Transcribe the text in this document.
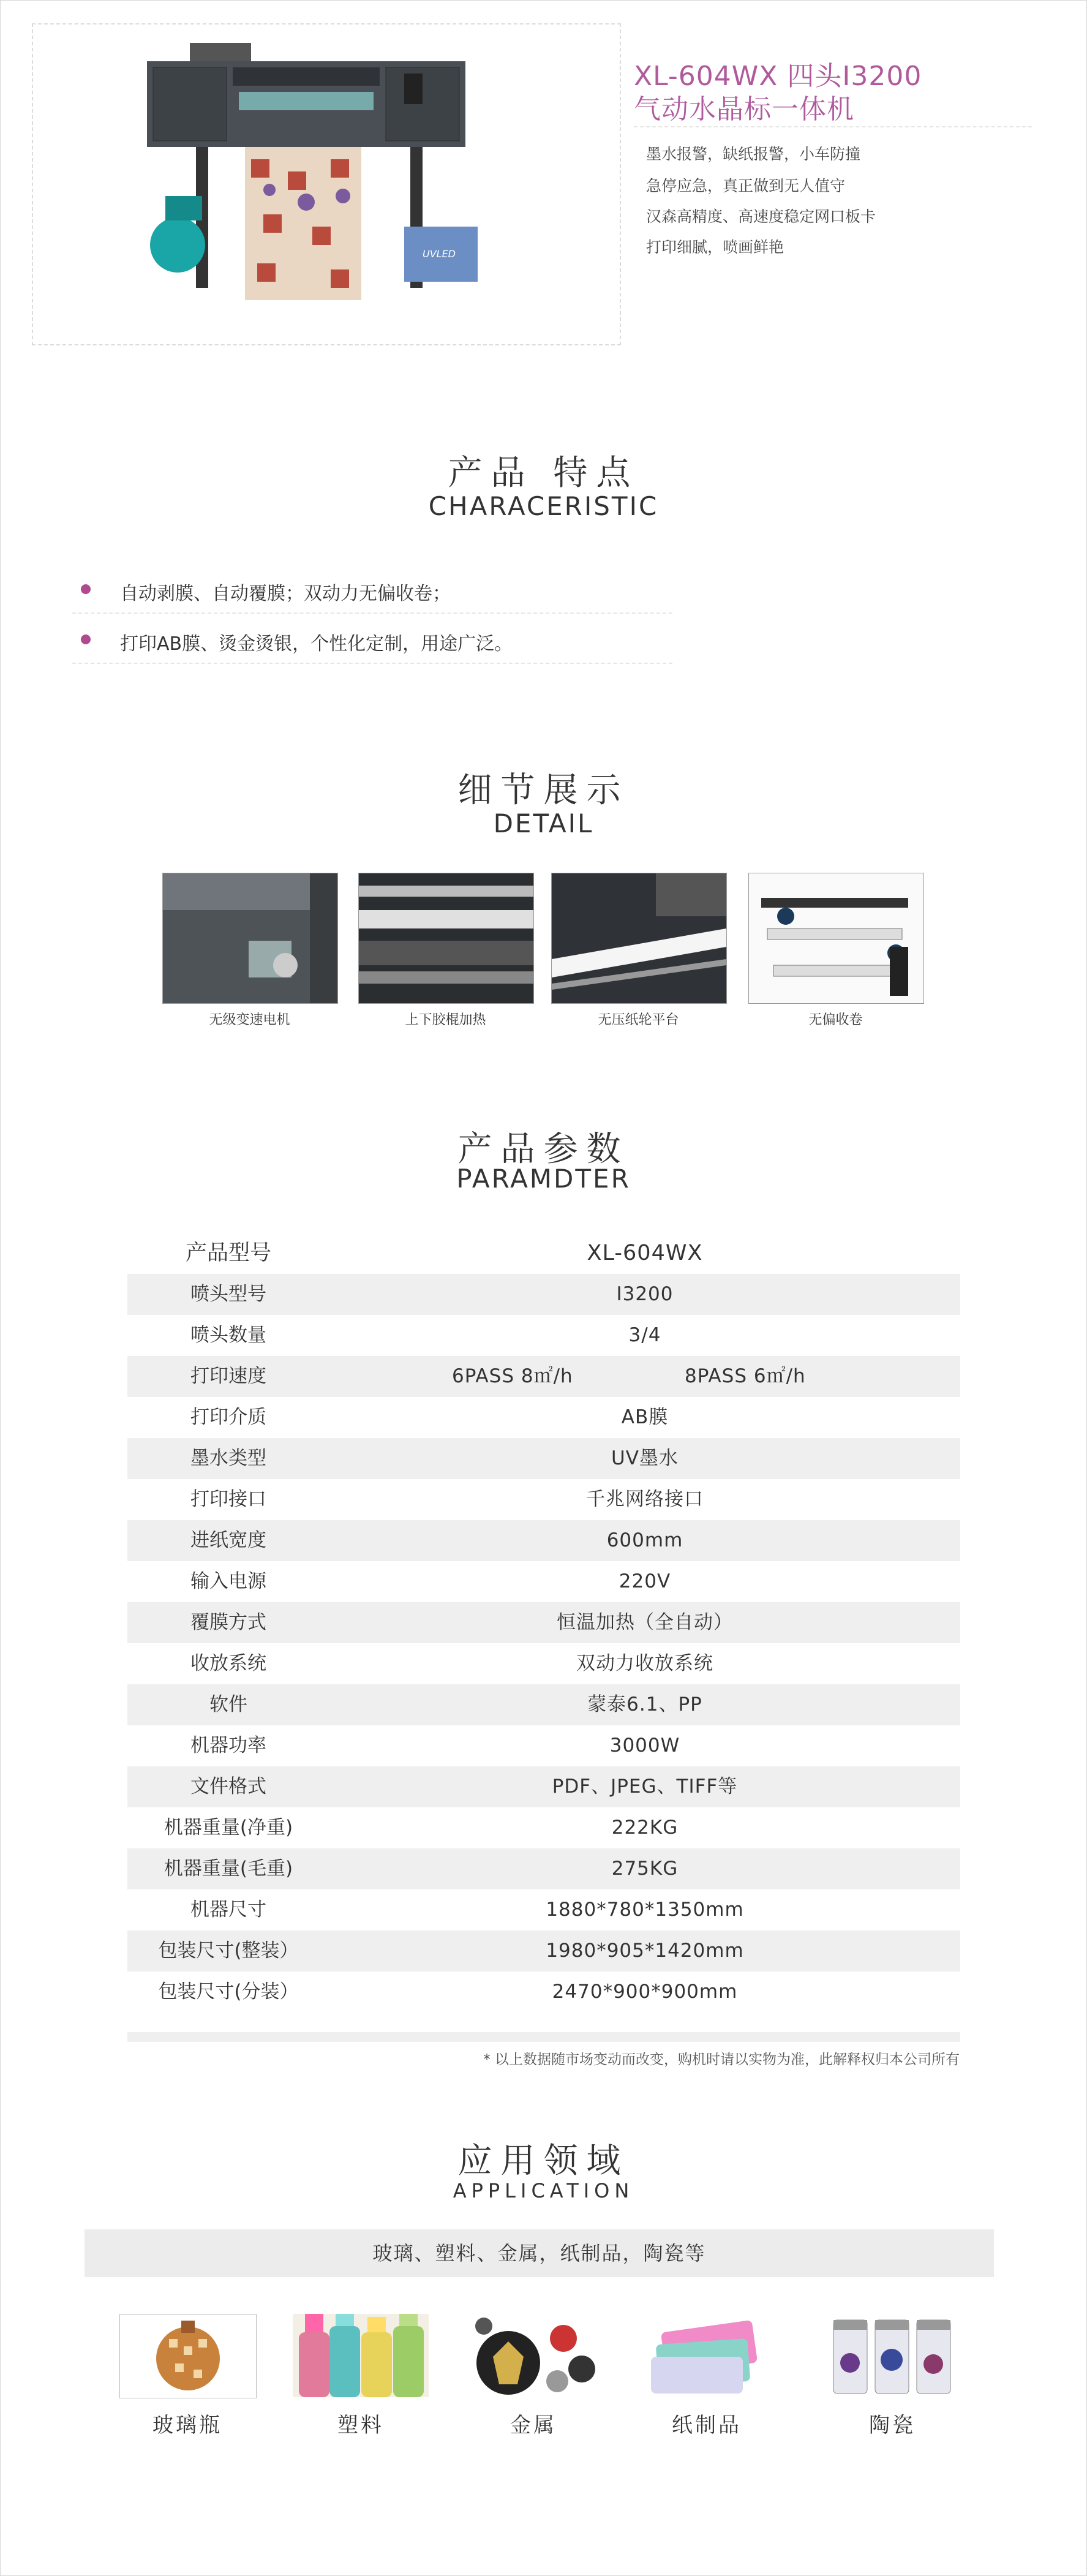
UVLED
XL-604WX 四头I3200
气动水晶标一体机
墨水报警，缺纸报警，小车防撞
急停应急，真正做到无人值守
汉森高精度、高速度稳定网口板卡
打印细腻，喷画鲜艳
产品 特点
CHARACERISTIC
自动剥膜、自动覆膜；双动力无偏收卷；
打印AB膜、烫金烫银，个性化定制，用途广泛。
细节展示
DETAIL
无级变速电机	上下胶棍加热	无压纸轮平台	无偏收卷
产品参数
PARAMDTER
产品型号	XL-604WX
喷头型号	I3200
喷头数量	3/4
打印速度	6PASS 8㎡/h	8PASS 6㎡/h
打印介质	AB膜
墨水类型	UV墨水
打印接口	千兆网络接口
进纸宽度	600mm
输入电源	220V
覆膜方式	恒温加热（全自动）
收放系统	双动力收放系统
软件	蒙泰6.1、PP
机器功率	3000W
文件格式	PDF、JPEG、TIFF等
机器重量(净重)	222KG
机器重量(毛重)	275KG
机器尺寸	1880*780*1350mm
包装尺寸(整装）	1980*905*1420mm
包装尺寸(分装）	2470*900*900mm
* 以上数据随市场变动而改变，购机时请以实物为准，此解释权归本公司所有
应用领域
APPLICATION
玻璃、塑料、金属，纸制品，陶瓷等
玻璃瓶	塑料	金属	纸制品	陶瓷
